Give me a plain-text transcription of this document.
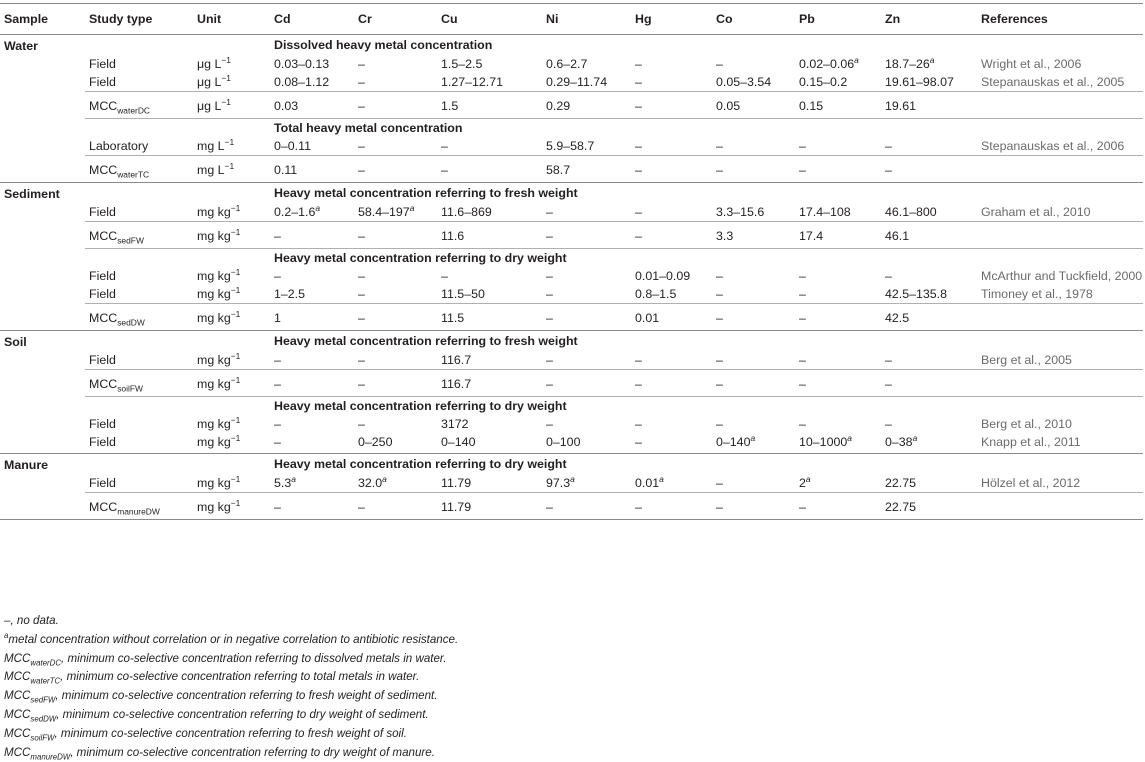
Sample	Study type	Unit	Cd	Cr	Cu	Ni	Hg	Co	Pb	Zn	References
Water			Dissolved heavy metal concentration								
	Field	μg $L^{-1}$	0.03–0.13	–	1.5–2.5	0.6–2.7	–	–	0.02–0.06$^a$	18.7–26$^a$	Wright et al., 2006
	Field	μg $L^{-1}$	0.08–1.12	–	1.27–12.71	0.29–11.74	–	0.05–3.54	0.15–0.2	19.61–98.07	Stepanauskas et al., 2005
	$MCC_{waterDC}$	μg $L^{-1}$	0.03	–	1.5	0.29	–	0.05	0.15	19.61	
			Total heavy metal concentration								
	Laboratory	mg $L^{-1}$	0–0.11	–	–	5.9–58.7	–	–	–	–	Stepanauskas et al., 2006
	$MCC_{waterTC}$	mg $L^{-1}$	0.11	–	–	58.7	–	–	–	–	
Sediment			Heavy metal concentration referring to fresh weight								
	Field	mg $kg^{-1}$	0.2–1.6$^a$	58.4–197$^a$	11.6–869	–	–	3.3–15.6	17.4–108	46.1–800	Graham et al., 2010
	$MCC_{sedFW}$	mg $kg^{-1}$	–	–	11.6	–	–	3.3	17.4	46.1	
			Heavy metal concentration referring to dry weight								
	Field	mg $kg^{-1}$	–	–	–	–	0.01–0.09	–	–	–	McArthur and Tuckfield, 2000
	Field	mg $kg^{-1}$	1–2.5	–	11.5–50	–	0.8–1.5	–	–	42.5–135.8	Timoney et al., 1978
	$MCC_{sedDW}$	mg $kg^{-1}$	1	–	11.5	–	0.01	–	–	42.5	
Soil			Heavy metal concentration referring to fresh weight								
	Field	mg $kg^{-1}$	–	–	116.7	–	–	–	–	–	Berg et al., 2005
	$MCC_{soilFW}$	mg $kg^{-1}$	–	–	116.7	–	–	–	–	–	
			Heavy metal concentration referring to dry weight								
	Field	mg $kg^{-1}$	–	–	3172	–	–	–	–	–	Berg et al., 2010
	Field	mg $kg^{-1}$	–	0–250	0–140	0–100	–	0–140$^a$	10–1000$^a$	0–38$^a$	Knapp et al., 2011
Manure			Heavy metal concentration referring to dry weight								
	Field	mg $kg^{-1}$	5.3$^a$	32.0$^a$	11.79	97.3$^a$	0.01$^a$	–	2$^a$	22.75	Hölzel et al., 2012
	$MCC_{manureDW}$	mg $kg^{-1}$	–	–	11.79	–	–	–	–	22.75	
–, no data.
$^a$metal concentration without correlation or in negative correlation to antibiotic resistance.
$MCC_{waterDC}$, minimum co-selective concentration referring to dissolved metals in water.
$MCC_{waterTC}$, minimum co-selective concentration referring to total metals in water.
$MCC_{sedFW}$, minimum co-selective concentration referring to fresh weight of sediment.
$MCC_{sedDW}$, minimum co-selective concentration referring to dry weight of sediment.
$MCC_{soilFW}$, minimum co-selective concentration referring to fresh weight of soil.
$MCC_{manureDW}$, minimum co-selective concentration referring to dry weight of manure.
